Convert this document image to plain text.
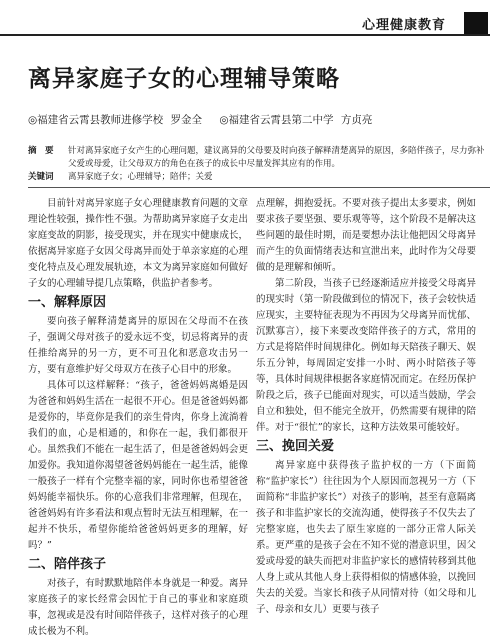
心理健康教育
离异家庭子女的心理辅导策略
◎福建省云霄县教师进修学校 罗金全 ◎福建省云霄县第二中学 方贞亮
摘　要	针对离异家庭子女产生的心理问题，建议离异的父母要及时向孩子解释清楚离异的原因，多陪伴孩子，尽力弥补父爱或母爱，让父母双方的角色在孩子的成长中尽量发挥其应有的作用。
关键词	离异家庭子女；心理辅导；陪伴；关爱

目前针对离异家庭子女心理健康教育问题的文章理论性较强，操作性不强。为帮助离异家庭子女走出家庭变故的阴影，接受现实，并在现实中健康成长，依据离异家庭子女因父母离异而处于单亲家庭的心理变化特点及心理发展轨迹，本文为离异家庭如何做好子女的心理辅导提几点策略，供监护者参考。

一、解释原因

要向孩子解释清楚离异的原因在父母而不在孩子，强调父母对孩子的爱永远不变，切忌将离异的责任推给离异的另一方，更不可丑化和恶意攻击另一方，要有意维护好父母双方在孩子心目中的形象。

具体可以这样解释：“孩子，爸爸妈妈离婚是因为爸爸和妈妈生活在一起很不开心。但是爸爸妈妈都是爱你的，毕竟你是我们的亲生骨肉，你身上流淌着我们的血，心是相通的，和你在一起，我们都很开心。虽然我们不能在一起生活了，但是爸爸妈妈会更加爱你。我知道你渴望爸爸妈妈能在一起生活，能像一般孩子一样有个完整幸福的家，同时你也希望爸爸妈妈能幸福快乐。你的心意我们非常理解，但现在，爸爸妈妈有许多看法和观点暂时无法互相理解，在一起并不快乐，希望你能给爸爸妈妈更多的理解，好吗？”

二、陪伴孩子

对孩子，有时默默地陪伴本身就是一种爱。离异家庭孩子的家长经常会因忙于自己的事业和家庭琐事，忽视或是没有时间陪伴孩子，这样对孩子的心理成长极为不利。

点理解，拥抱爱抚。不要对孩子提出太多要求，例如要求孩子要坚强、要乐观等等，这个阶段不是解决这些问题的最佳时期，而是要想办法让他把因父母离异而产生的负面情绪表达和宣泄出来，此时作为父母要做的是理解和倾听。

第二阶段，当孩子已经逐渐适应并接受父母离异的现实时（第一阶段做到位的情况下，孩子会较快适应现实，主要特征表现为不再因为父母离异而忧郁、沉默寡言），接下来要改变陪伴孩子的方式，常用的方式是将陪伴时间规律化。例如每天陪孩子聊天、娱乐五分钟，每周固定安排一小时、两小时陪孩子等等，具体时间规律根据各家庭情况而定。在经历保护阶段之后，孩子已能面对现实，可以适当鼓励，学会自立和独处，但不能完全放开，仍然需要有规律的陪伴。对于“很忙”的家长，这种方法效果可能较好。

三、挽回关爱

离异家庭中获得孩子监护权的一方（下面简称“监护家长”）往往因为个人原因而忽视另一方（下面简称“非监护家长”）对孩子的影响，甚至有意隔离孩子和非监护家长的交流沟通，使得孩子不仅失去了完整家庭，也失去了原生家庭的一部分正常人际关系。更严重的是孩子会在不知不觉的潜意识里，因父爱或母爱的缺失而把对非监护家长的感情转移到其他人身上或从其他人身上获得相似的情感体验，以挽回失去的关爱。当家长和孩子从同情对待（如父母和儿子、母亲和女儿）更要与孩子
